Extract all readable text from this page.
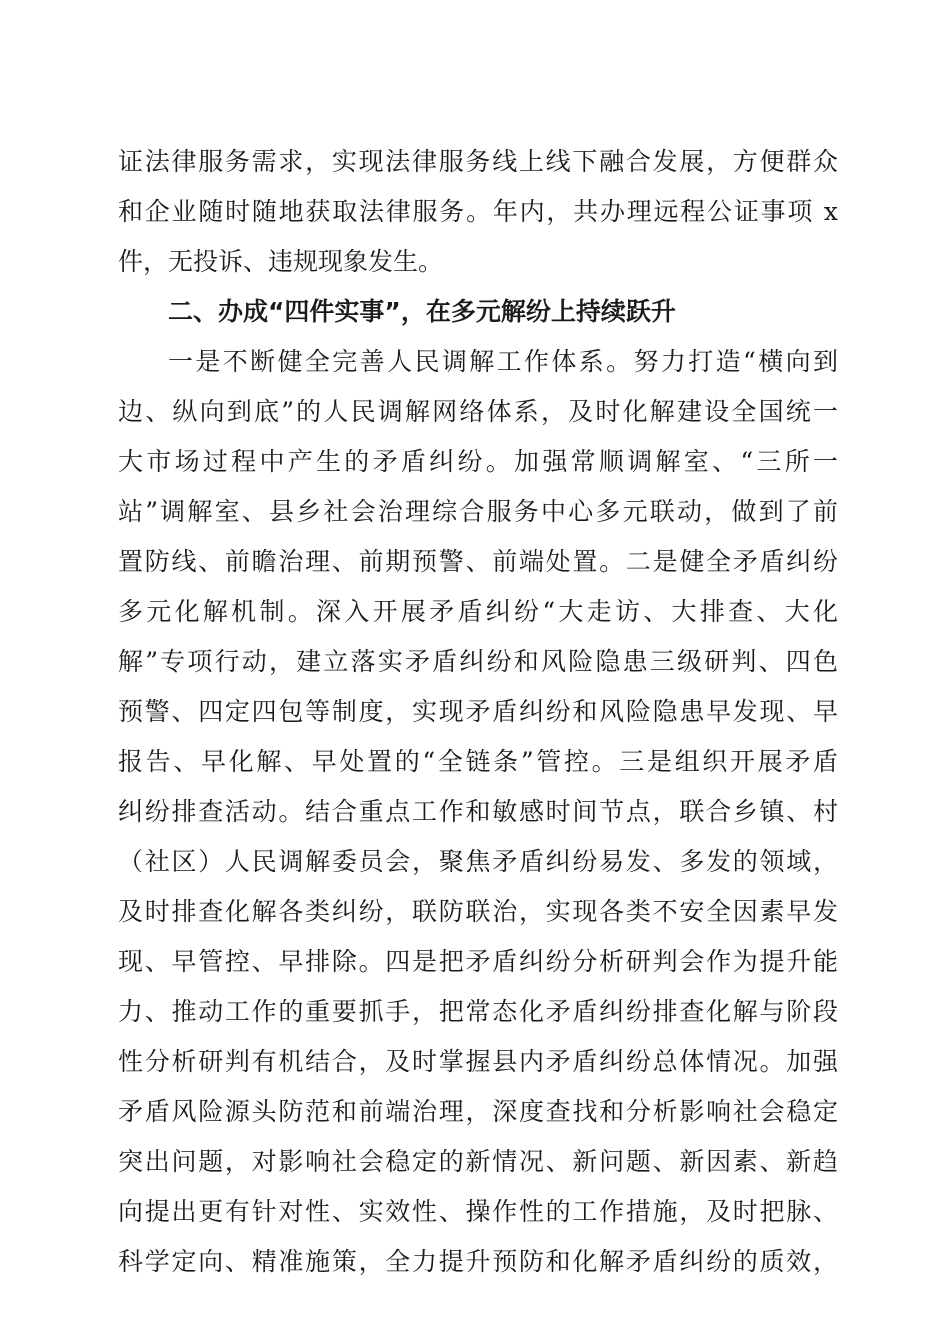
证法律服务需求，实现法律服务线上线下融合发展，方便群众
和企业随时随地获取法律服务。年内，共办理远程公证事项 x
件，无投诉、违规现象发生。
二、办成“四件实事”，在多元解纷上持续跃升
一是不断健全完善人民调解工作体系。努力打造“横向到
边、纵向到底”的人民调解网络体系，及时化解建设全国统一
大市场过程中产生的矛盾纠纷。加强常顺调解室、“三所一
站”调解室、县乡社会治理综合服务中心多元联动，做到了前
置防线、前瞻治理、前期预警、前端处置。二是健全矛盾纠纷
多元化解机制。深入开展矛盾纠纷“大走访、大排查、大化
解”专项行动，建立落实矛盾纠纷和风险隐患三级研判、四色
预警、四定四包等制度，实现矛盾纠纷和风险隐患早发现、早
报告、早化解、早处置的“全链条”管控。三是组织开展矛盾
纠纷排查活动。结合重点工作和敏感时间节点，联合乡镇、村
（社区）人民调解委员会，聚焦矛盾纠纷易发、多发的领域，
及时排查化解各类纠纷，联防联治，实现各类不安全因素早发
现、早管控、早排除。四是把矛盾纠纷分析研判会作为提升能
力、推动工作的重要抓手，把常态化矛盾纠纷排查化解与阶段
性分析研判有机结合，及时掌握县内矛盾纠纷总体情况。加强
矛盾风险源头防范和前端治理，深度查找和分析影响社会稳定
突出问题，对影响社会稳定的新情况、新问题、新因素、新趋
向提出更有针对性、实效性、操作性的工作措施，及时把脉、
科学定向、精准施策，全力提升预防和化解矛盾纠纷的质效，
